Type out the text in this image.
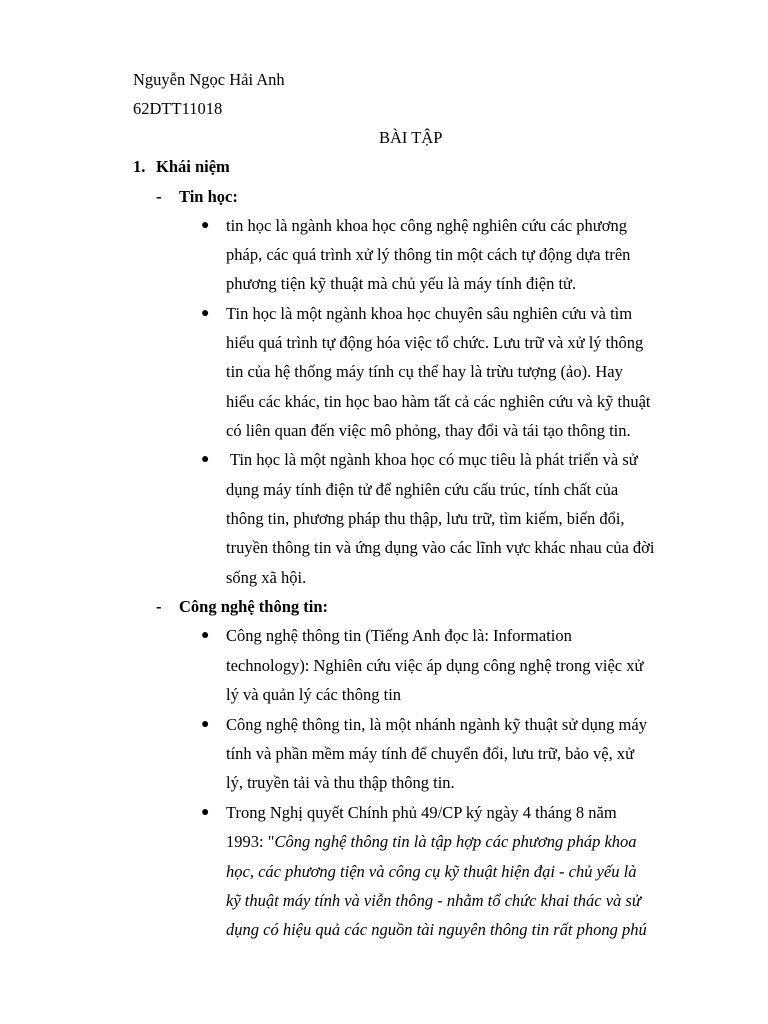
Nguyễn Ngọc Hải Anh
62DTT11018
BÀI TẬP
1. Khái niệm
- Tin học:
● tin học là ngành khoa học công nghệ nghiên cứu các phương
pháp, các quá trình xử lý thông tin một cách tự động dựa trên
phương tiện kỹ thuật mà chủ yếu là máy tính điện tử.
● Tin học là một ngành khoa học chuyên sâu nghiên cứu và tìm
hiểu quá trình tự động hóa việc tổ chức. Lưu trữ và xử lý thông
tin của hệ thống máy tính cụ thể hay là trừu tượng (ảo). Hay
hiểu các khác, tin học bao hàm tất cả các nghiên cứu và kỹ thuật
có liên quan đến việc mô phỏng, thay đổi và tái tạo thông tin.
● Tin học là một ngành khoa học có mục tiêu là phát triển và sử
dụng máy tính điện tử để nghiên cứu cấu trúc, tính chất của
thông tin, phương pháp thu thập, lưu trữ, tìm kiếm, biến đổi,
truyền thông tin và ứng dụng vào các lĩnh vực khác nhau của đời
sống xã hội.
- Công nghệ thông tin:
● Công nghệ thông tin (Tiếng Anh đọc là: Information
technology): Nghiên cứu việc áp dụng công nghệ trong việc xử
lý và quản lý các thông tin
● Công nghệ thông tin, là một nhánh ngành kỹ thuật sử dụng máy
tính và phần mềm máy tính để chuyển đổi, lưu trữ, bảo vệ, xử
lý, truyền tải và thu thập thông tin.
● Trong Nghị quyết Chính phủ 49/CP ký ngày 4 tháng 8 năm
1993: "Công nghệ thông tin là tập hợp các phương pháp khoa
học, các phương tiện và công cụ kỹ thuật hiện đại - chủ yếu là
kỹ thuật máy tính và viễn thông - nhằm tổ chức khai thác và sử
dụng có hiệu quả các nguồn tài nguyên thông tin rất phong phú
